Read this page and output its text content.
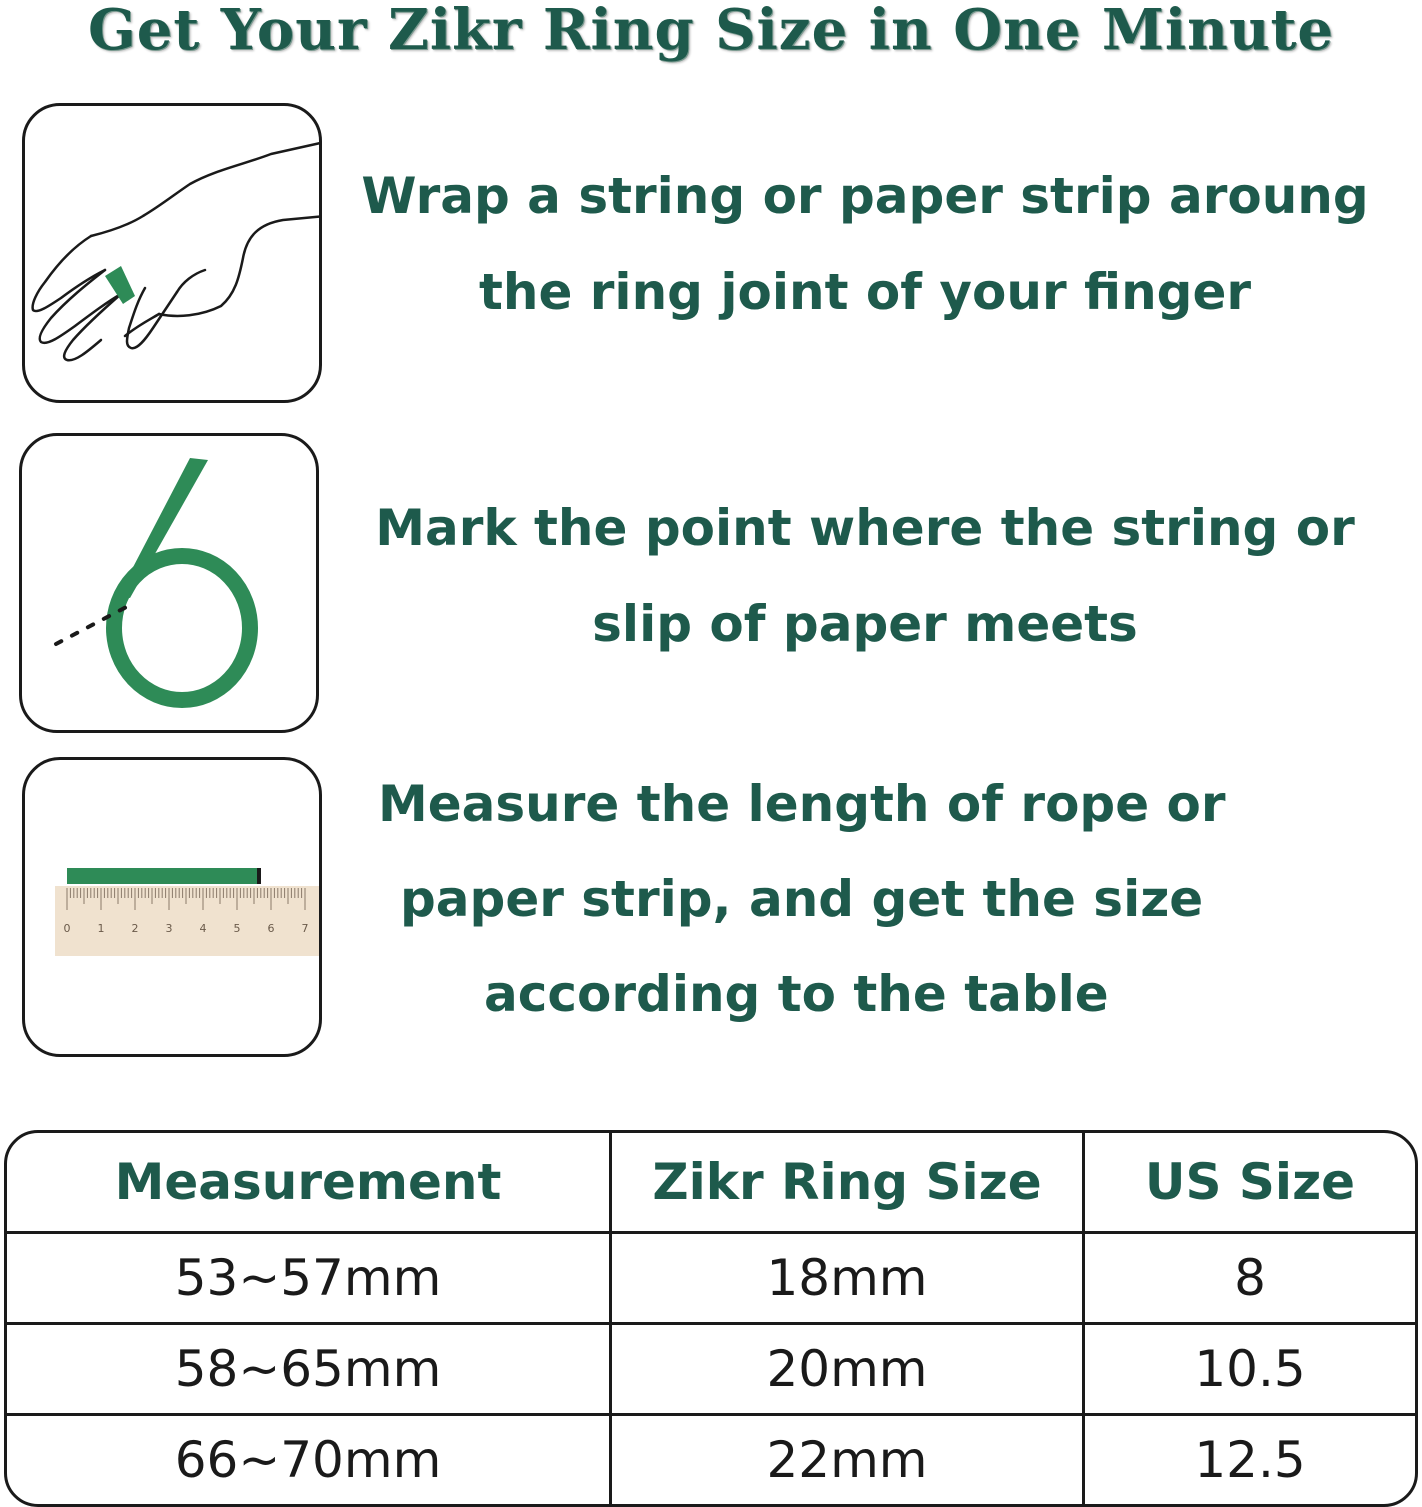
Get Your Zikr Ring Size in One Minute
Wrap a string or paper strip aroung
the ring joint of your finger
Mark the point where the string or
slip of paper meets
0 1 2 3 4 5 6 7
Measure the length of rope or
paper strip, and get the size
according to the table
Measurement	Zikr Ring Size	US Size
53~57mm	18mm	8
58~65mm	20mm	10.5
66~70mm	22mm	12.5
